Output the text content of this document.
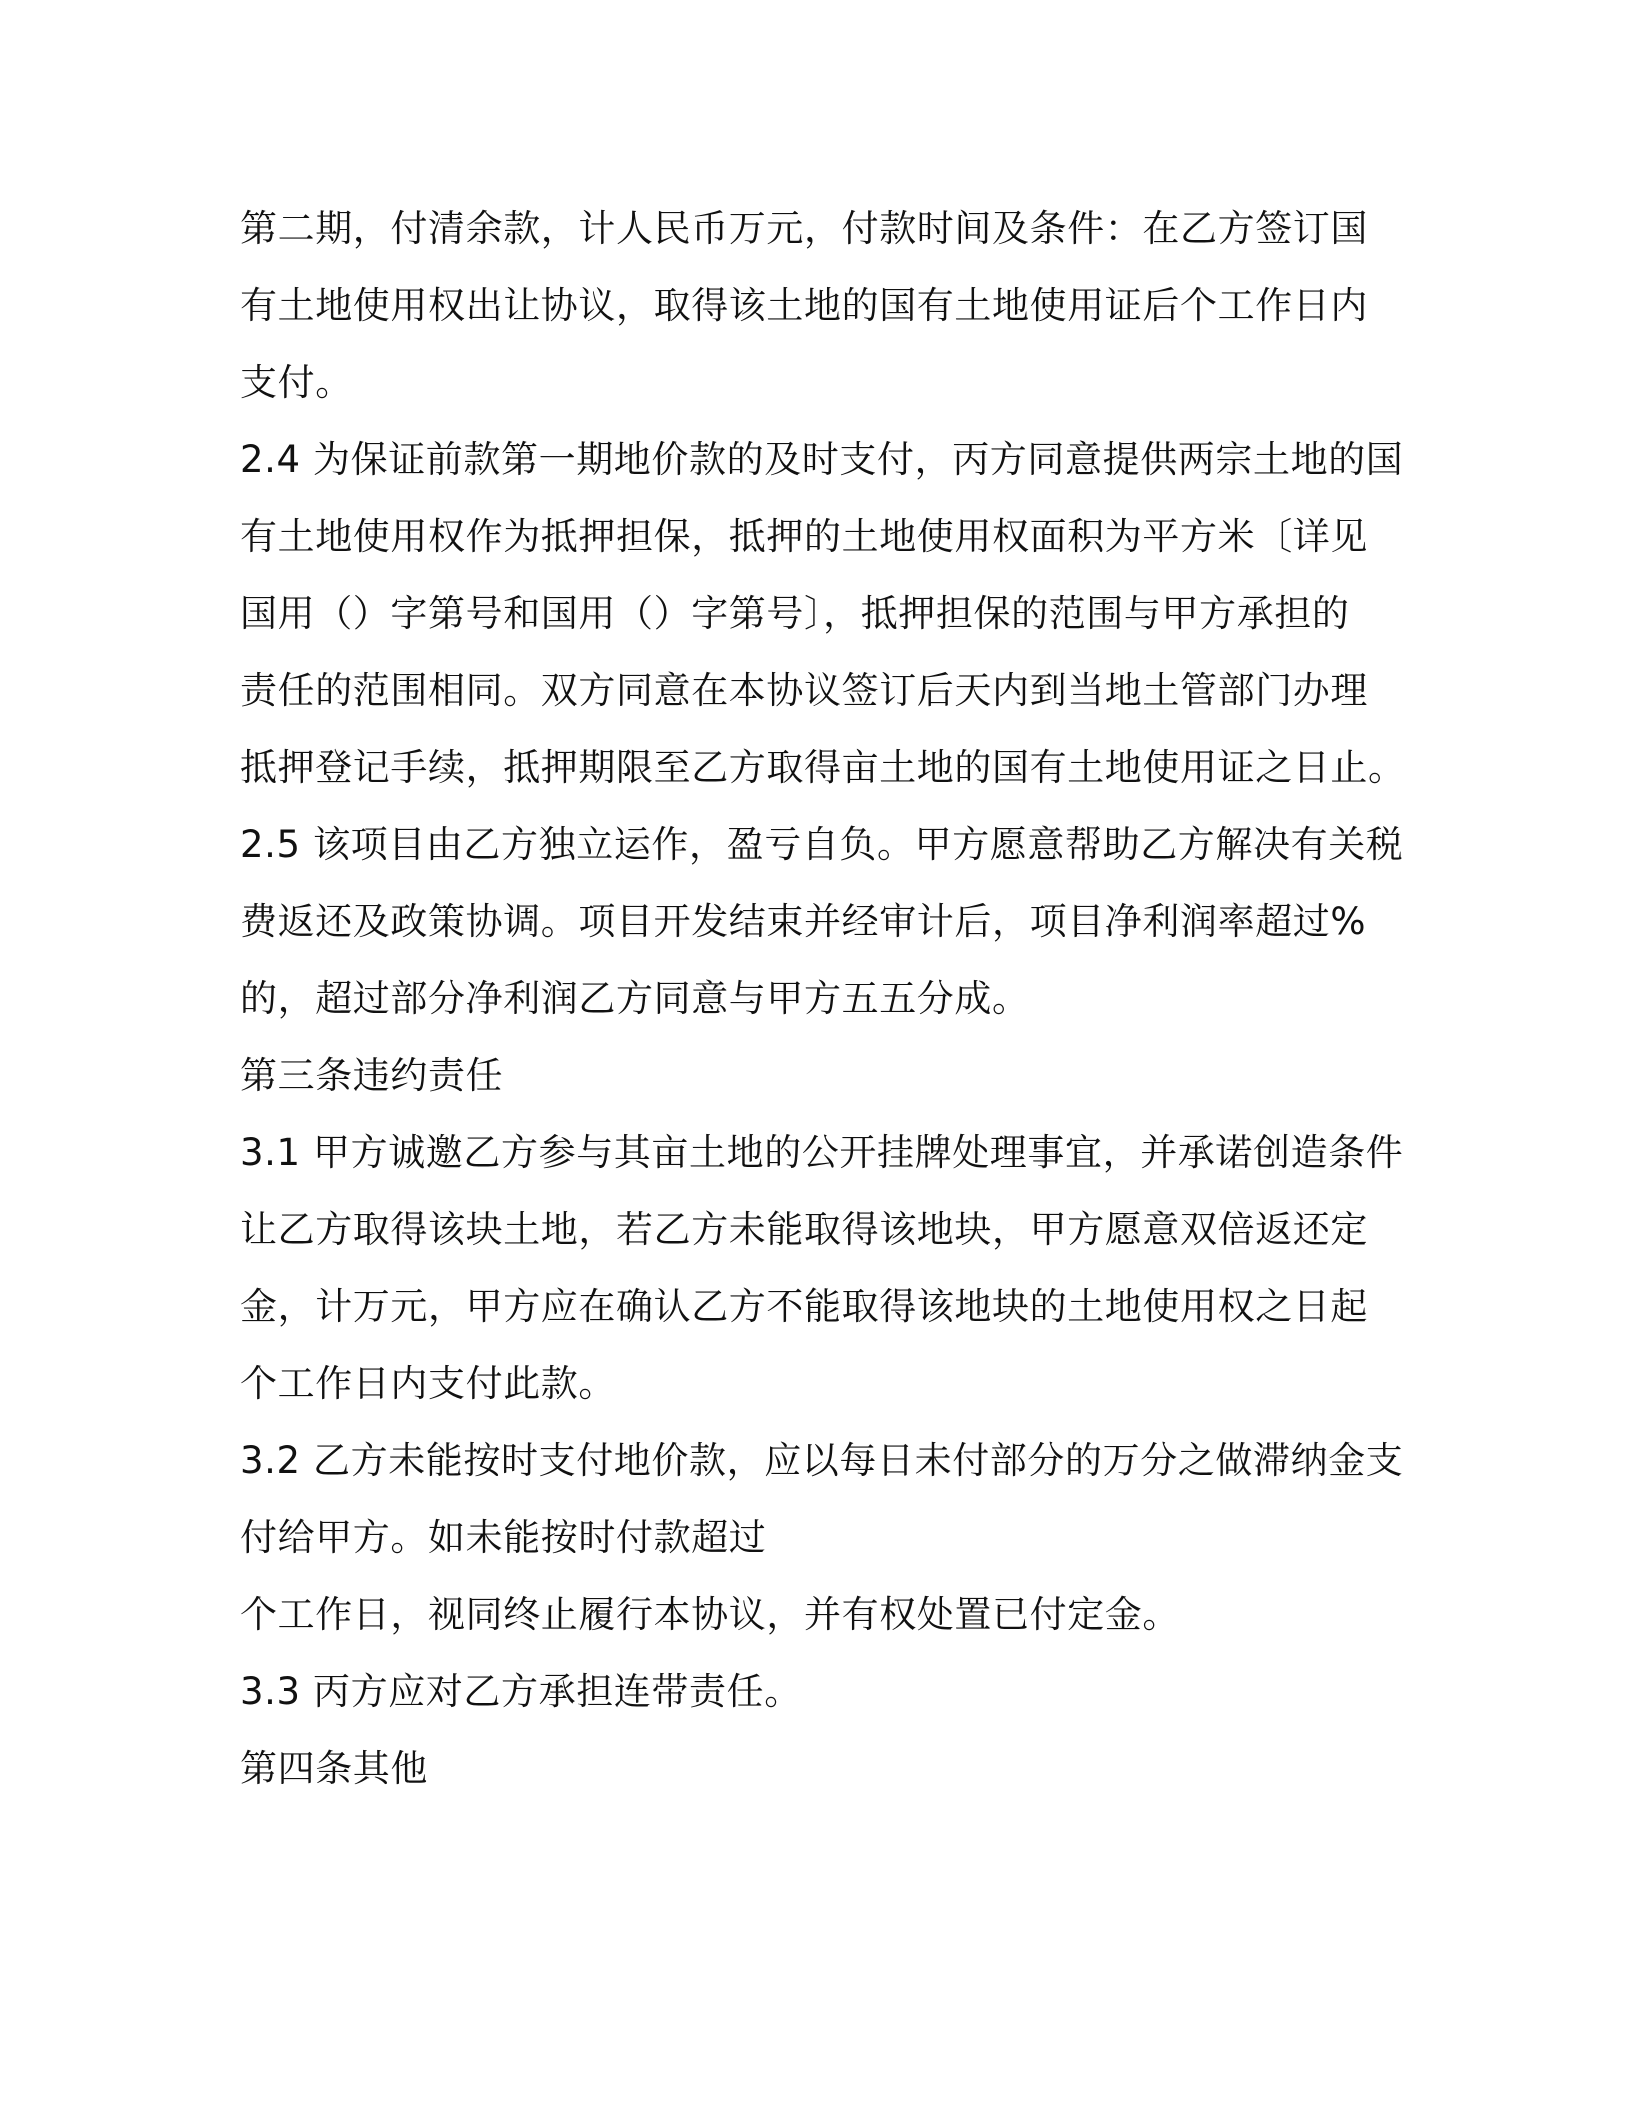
第二期，付清余款，计人民币万元，付款时间及条件：在乙方签订国
有土地使用权出让协议，取得该土地的国有土地使用证后个工作日内
支付。
2.4 为保证前款第一期地价款的及时支付，丙方同意提供两宗土地的国
有土地使用权作为抵押担保，抵押的土地使用权面积为平方米〔详见
国用（）字第号和国用（）字第号〕，抵押担保的范围与甲方承担的
责任的范围相同。双方同意在本协议签订后天内到当地土管部门办理
抵押登记手续，抵押期限至乙方取得亩土地的国有土地使用证之日止。
2.5 该项目由乙方独立运作，盈亏自负。甲方愿意帮助乙方解决有关税
费返还及政策协调。项目开发结束并经审计后，项目净利润率超过%
的，超过部分净利润乙方同意与甲方五五分成。
第三条违约责任
3.1 甲方诚邀乙方参与其亩土地的公开挂牌处理事宜，并承诺创造条件
让乙方取得该块土地，若乙方未能取得该地块，甲方愿意双倍返还定
金，计万元，甲方应在确认乙方不能取得该地块的土地使用权之日起
个工作日内支付此款。
3.2 乙方未能按时支付地价款，应以每日未付部分的万分之做滞纳金支
付给甲方。如未能按时付款超过
个工作日，视同终止履行本协议，并有权处置已付定金。
3.3 丙方应对乙方承担连带责任。
第四条其他
